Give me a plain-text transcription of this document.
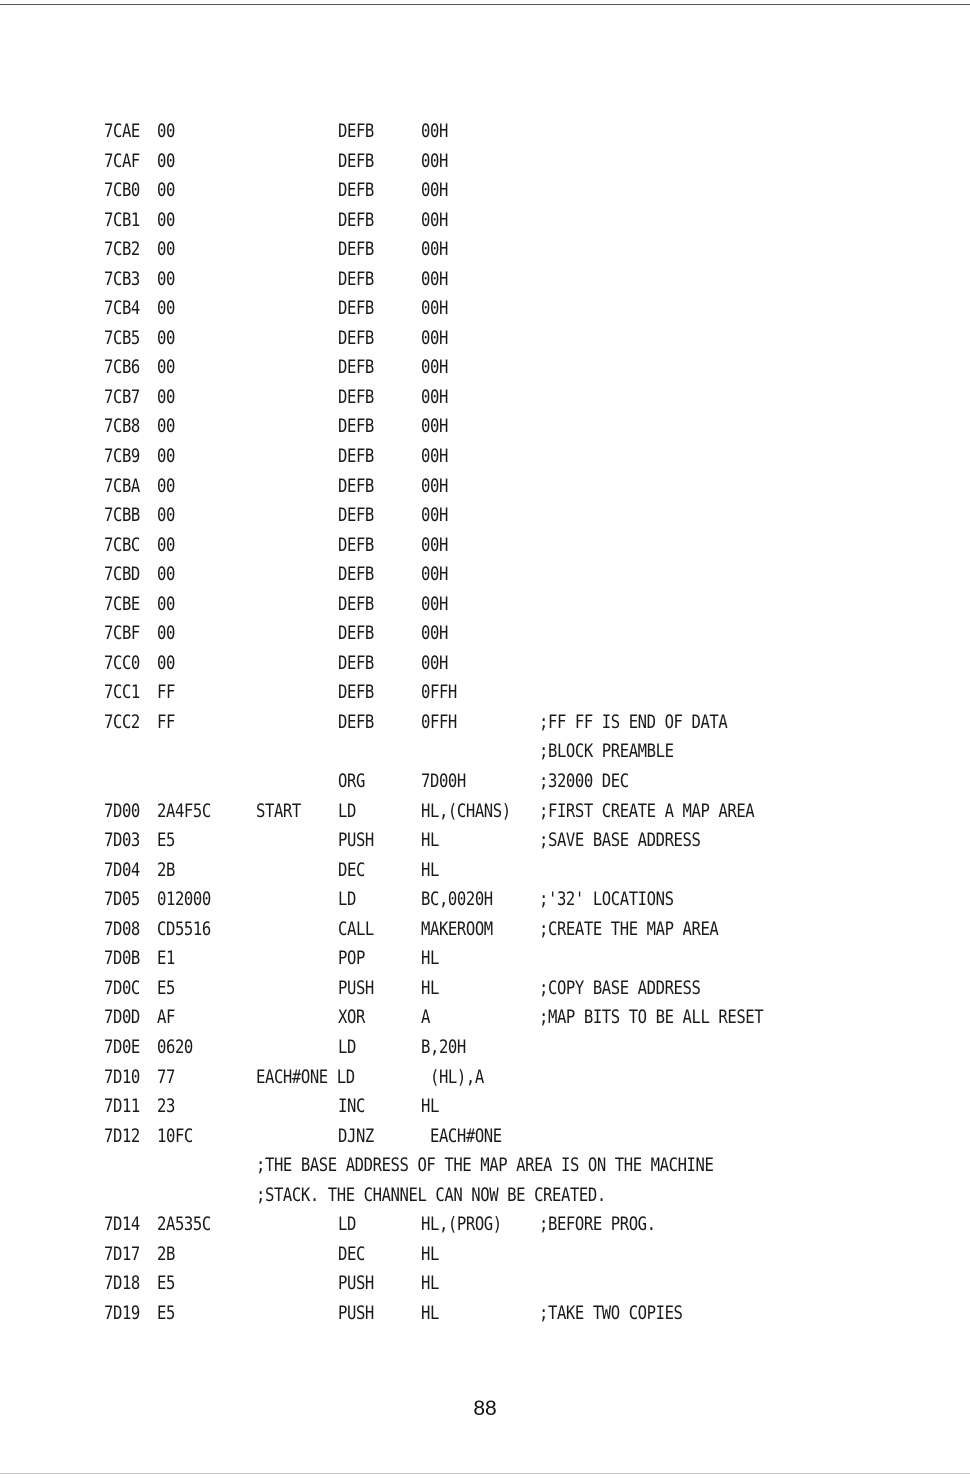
7CAE 00	DEFB 00H
7CAF 00	DEFB 00H
7CB0 00	DEFB 00H
7CB1 00	DEFB 00H
7CB2 00	DEFB 00H
7CB3 00	DEFB 00H
7CB4 00	DEFB 00H
7CB5 00	DEFB 00H
7CB6 00	DEFB 00H
7CB7 00	DEFB 00H
7CB8 00	DEFB 00H
7CB9 00	DEFB 00H
7CBA 00	DEFB 00H
7CBB 00	DEFB 00H
7CBC 00	DEFB 00H
7CBD 00	DEFB 00H
7CBE 00	DEFB 00H
7CBF 00	DEFB 00H
7CC0 00	DEFB 00H
7CC1 FF	DEFB 0FFH
7CC2 FF	DEFB 0FFH	;FF FF IS END OF DATA
;BLOCK PREAMBLE
ORG	7D00H	;32000 DEC
7D00 2A4F5C START LD	HL,(CHANS) ;FIRST CREATE A MAP AREA
7D03 E5	PUSH HL	;SAVE BASE ADDRESS
7D04 2B	DEC	HL
7D05 012000	LD	BC,0020H ;'32' LOCATIONS
7D08 CD5516	CALL MAKEROOM ;CREATE THE MAP AREA
7D0B E1	POP	HL
7D0C E5	PUSH HL	;COPY BASE ADDRESS
7D0D AF	XOR	A	;MAP BITS TO BE ALL RESET
7D0E 0620	LD	B,20H
7D10 77	EACH#ONE LD	(HL),A
7D11 23	INC	HL
7D12 10FC	DJNZ EACH#ONE
;THE BASE ADDRESS OF THE MAP AREA IS ON THE MACHINE
;STACK. THE CHANNEL CAN NOW BE CREATED.
7D14 2A535C	LD	HL,(PROG) ;BEFORE PROG.
7D17 2B	DEC	HL
7D18 E5	PUSH HL
7D19 E5	PUSH HL	;TAKE TWO COPIES
88
